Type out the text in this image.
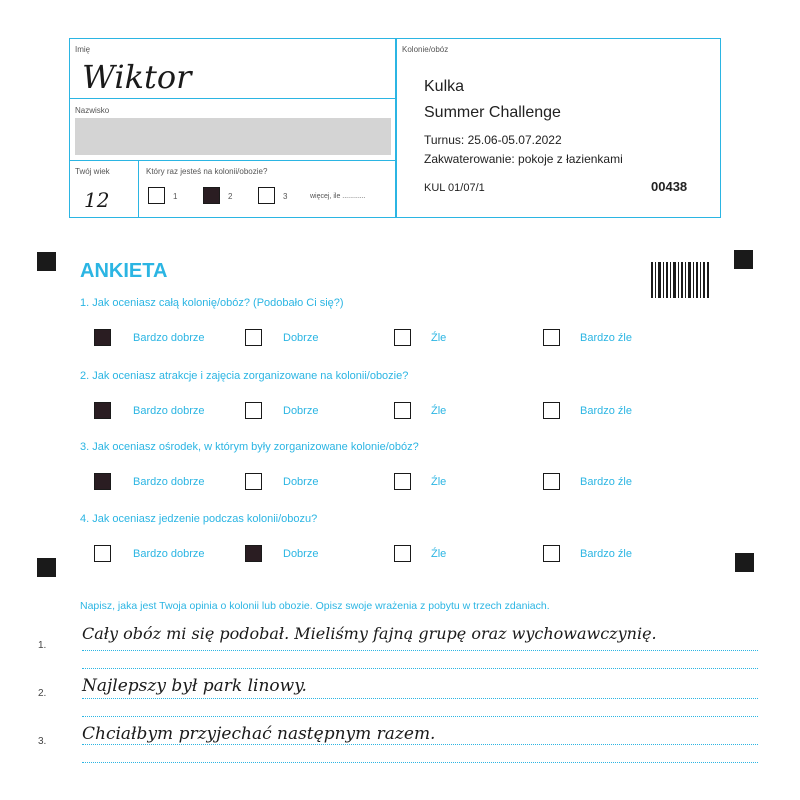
Imię
Wiktor
Nazwisko
Twój wiek
12
Który raz jesteś na kolonii/obozie?
1	2	3	więcej, ile ............
Kolonie/obóz
Kulka
Summer Challenge
Turnus: 25.06-05.07.2022
Zakwaterowanie: pokoje z łazienkami
KUL 01/07/1	00438
ANKIETA
1. Jak oceniasz całą kolonię/obóz? (Podobało Ci się?)
Bardzo dobrze	Dobrze	Źle	Bardzo źle
2. Jak oceniasz atrakcje i zajęcia zorganizowane na kolonii/obozie?
Bardzo dobrze	Dobrze	Źle	Bardzo źle
3. Jak oceniasz ośrodek, w którym były zorganizowane kolonie/obóz?
Bardzo dobrze	Dobrze	Źle	Bardzo źle
4. Jak oceniasz jedzenie podczas kolonii/obozu?
Bardzo dobrze	Dobrze	Źle	Bardzo źle
Napisz, jaka jest Twoja opinia o kolonii lub obozie. Opisz swoje wrażenia z pobytu w trzech zdaniach.
1.
Cały obóz mi się podobał. Mieliśmy fajną grupę oraz wychowawczynię.
2. Najlepszy był park linowy.
3. Chciałbym przyjechać następnym razem.
